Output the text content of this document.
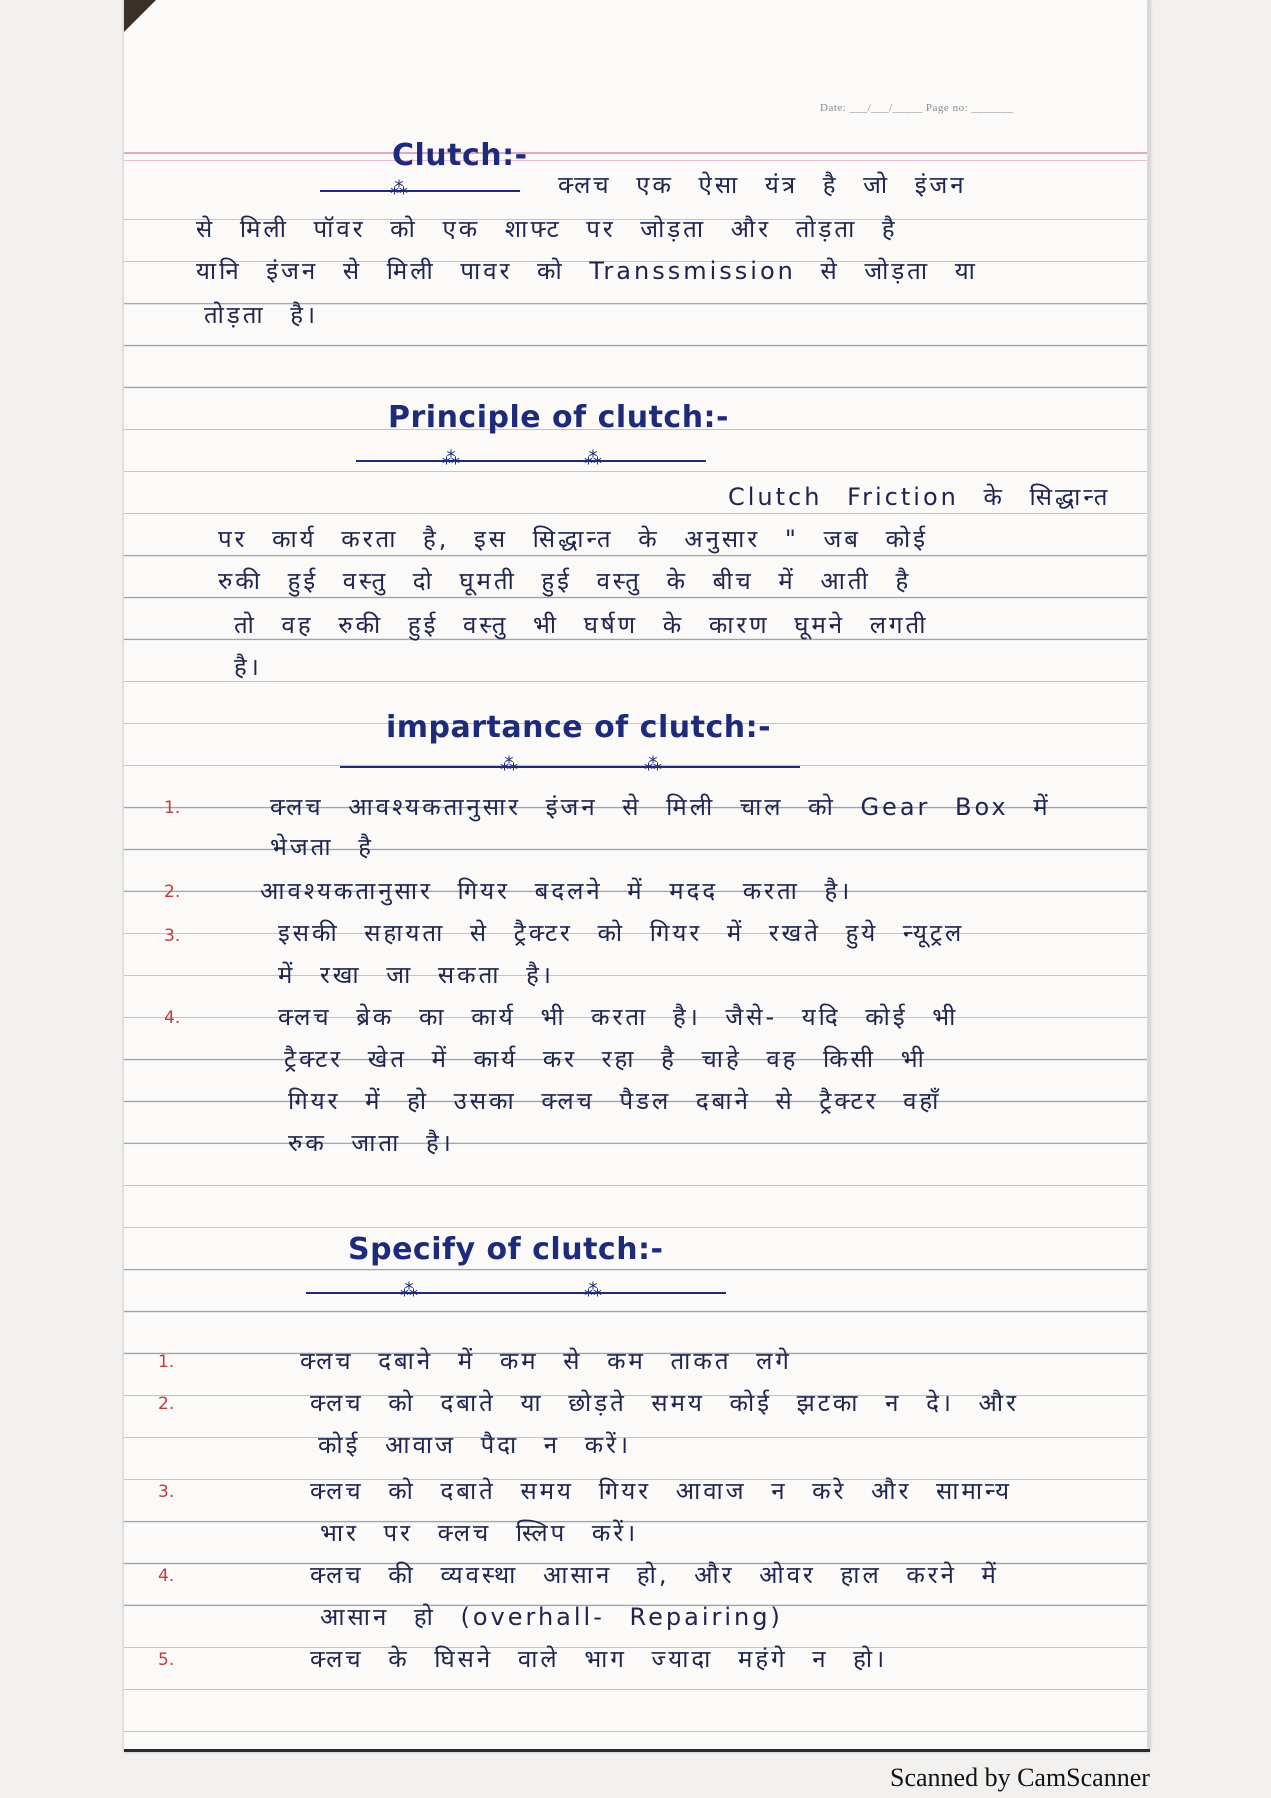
Date: ___/___/_____ Page no: _______
Clutch:-
⁂	क्लच एक ऐसा यंत्र है जो इंजन
से मिली पॉवर को एक शाफ्ट पर जोड़ता और तोड़ता है
यानि इंजन से मिली पावर को Transsmission से जोड़ता या
तोड़ता है।
Principle of clutch:-
⁂	⁂
Clutch Friction के सिद्धान्त
पर कार्य करता है, इस सिद्धान्त के अनुसार " जब कोई
रुकी हुई वस्तु दो घूमती हुई वस्तु के बीच में आती है
तो वह रुकी हुई वस्तु भी घर्षण के कारण घूमने लगती
है।
impartance of clutch:-
⁂	⁂
1.	क्लच आवश्यकतानुसार इंजन से मिली चाल को Gear Box में
भेजता है
2.	आवश्यकतानुसार गियर बदलने में मदद करता है।
3.	इसकी सहायता से ट्रैक्टर को गियर में रखते हुये न्यूट्रल
में रखा जा सकता है।
4.	क्लच ब्रेक का कार्य भी करता है। जैसे- यदि कोई भी
ट्रैक्टर खेत में कार्य कर रहा है चाहे वह किसी भी
गियर में हो उसका क्लच पैडल दबाने से ट्रैक्टर वहाँ
रुक जाता है।
Specify of clutch:-
⁂	⁂
1.	क्लच दबाने में कम से कम ताकत लगे
2.	क्लच को दबाते या छोड़ते समय कोई झटका न दे। और
कोई आवाज पैदा न करें।
3.	क्लच को दबाते समय गियर आवाज न करे और सामान्य
भार पर क्लच स्लिप करें।
4.	क्लच की व्यवस्था आसान हो, और ओवर हाल करने में
आसान हो (overhall- Repairing)
5.	क्लच के घिसने वाले भाग ज्यादा महंगे न हो।
Scanned by CamScanner
